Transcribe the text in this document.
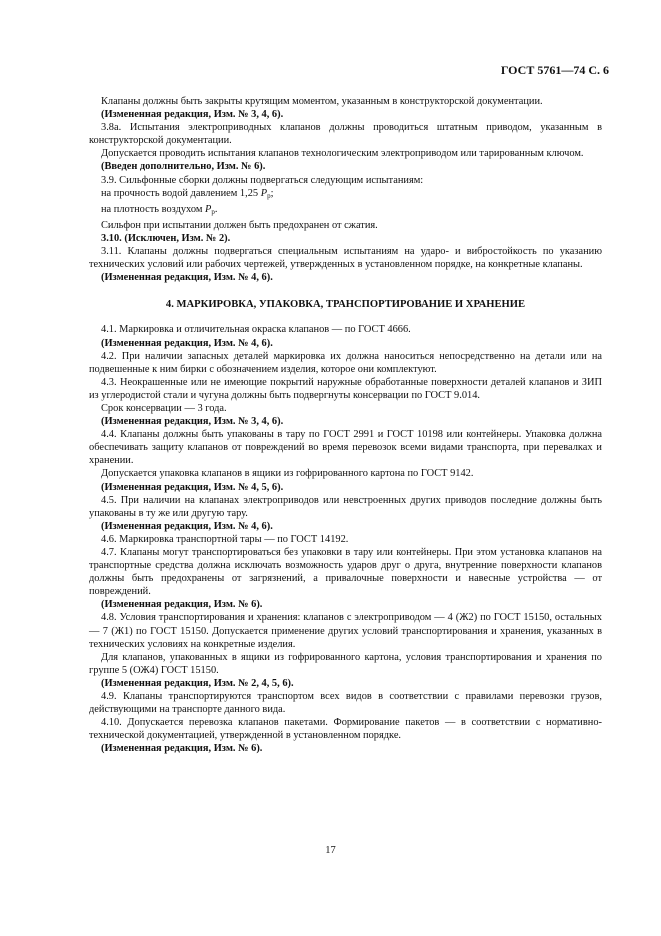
ГОСТ 5761—74 С. 6

Клапаны должны быть закрыты крутящим моментом, указанным в конструкторской документации.

(Измененная редакция, Изм. № 3, 4, 6).

3.8а. Испытания электроприводных клапанов должны проводиться штатным приводом, указанным в конструкторской документации.

Допускается проводить испытания клапанов технологическим электроприводом или тарированным ключом.

(Введен дополнительно, Изм. № 6).

3.9. Сильфонные сборки должны подвергаться следующим испытаниям:

на прочность водой давлением 1,25 $P_р$;

на плотность воздухом $P_р$.

Сильфон при испытании должен быть предохранен от сжатия.

3.10. (Исключен, Изм. № 2).

3.11. Клапаны должны подвергаться специальным испытаниям на ударо- и вибростойкость по указанию технических условий или рабочих чертежей, утвержденных в установленном порядке, на конкретные клапаны.

(Измененная редакция, Изм. № 4, 6).

4. МАРКИРОВКА, УПАКОВКА, ТРАНСПОРТИРОВАНИЕ И ХРАНЕНИЕ

4.1. Маркировка и отличительная окраска клапанов — по ГОСТ 4666.

(Измененная редакция, Изм. № 4, 6).

4.2. При наличии запасных деталей маркировка их должна наноситься непосредственно на детали или на подвешенные к ним бирки с обозначением изделия, которое они комплектуют.

4.3. Неокрашенные или не имеющие покрытий наружные обработанные поверхности деталей клапанов и ЗИП из углеродистой стали и чугуна должны быть подвергнуты консервации по ГОСТ 9.014.

Срок консервации — 3 года.

(Измененная редакция, Изм. № 3, 4, 6).

4.4. Клапаны должны быть упакованы в тару по ГОСТ 2991 и ГОСТ 10198 или контейнеры. Упаковка должна обеспечивать защиту клапанов от повреждений во время перевозок всеми видами транспорта, при перевалках и хранении.

Допускается упаковка клапанов в ящики из гофрированного картона по ГОСТ 9142.

(Измененная редакция, Изм. № 4, 5, 6).

4.5. При наличии на клапанах электроприводов или невстроенных других приводов последние должны быть упакованы в ту же или другую тару.

(Измененная редакция, Изм. № 4, 6).

4.6. Маркировка транспортной тары — по ГОСТ 14192.

4.7. Клапаны могут транспортироваться без упаковки в тару или контейнеры. При этом установка клапанов на транспортные средства должна исключать возможность ударов друг о друга, внутренние поверхности клапанов должны быть предохранены от загрязнений, а привалочные поверхности и навесные устройства — от повреждений.

(Измененная редакция, Изм. № 6).

4.8. Условия транспортирования и хранения: клапанов с электроприводом — 4 (Ж2) по ГОСТ 15150, остальных — 7 (Ж1) по ГОСТ 15150. Допускается применение других условий транспортирования и хранения, указанных в технических условиях на конкретные изделия.

Для клапанов, упакованных в ящики из гофрированного картона, условия транспортирования и хранения по группе 5 (ОЖ4) ГОСТ 15150.

(Измененная редакция, Изм. № 2, 4, 5, 6).

4.9. Клапаны транспортируются транспортом всех видов в соответствии с правилами перевозки грузов, действующими на транспорте данного вида.

4.10. Допускается перевозка клапанов пакетами. Формирование пакетов — в соответствии с нормативно-технической документацией, утвержденной в установленном порядке.

(Измененная редакция, Изм. № 6).

17
